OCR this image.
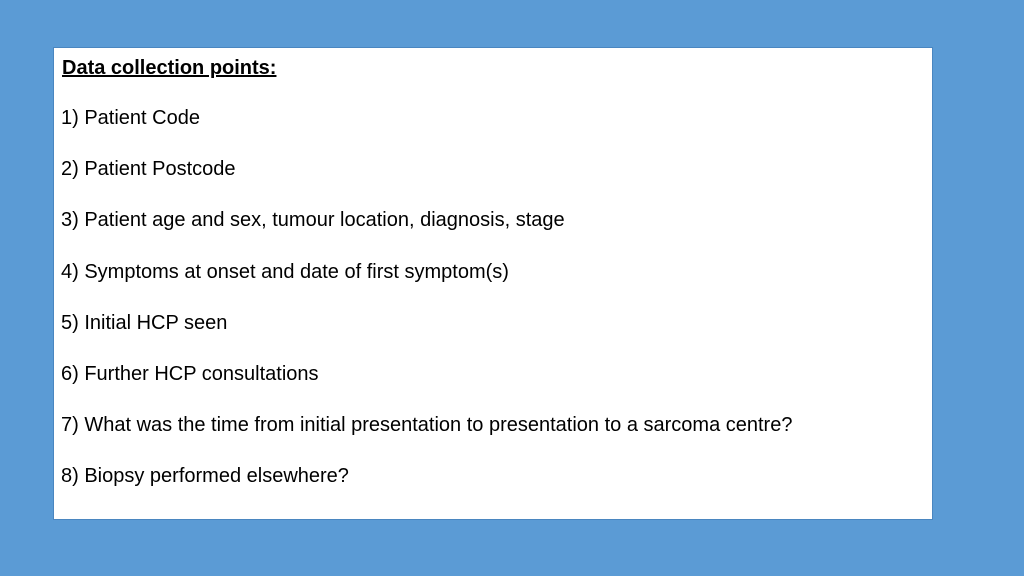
Data collection points:
1) Patient Code
2) Patient Postcode
3) Patient age and sex, tumour location, diagnosis, stage
4) Symptoms at onset and date of first symptom(s)
5) Initial HCP seen
6) Further HCP consultations
7) What was the time from initial presentation to presentation to a sarcoma centre?
8) Biopsy performed elsewhere?
